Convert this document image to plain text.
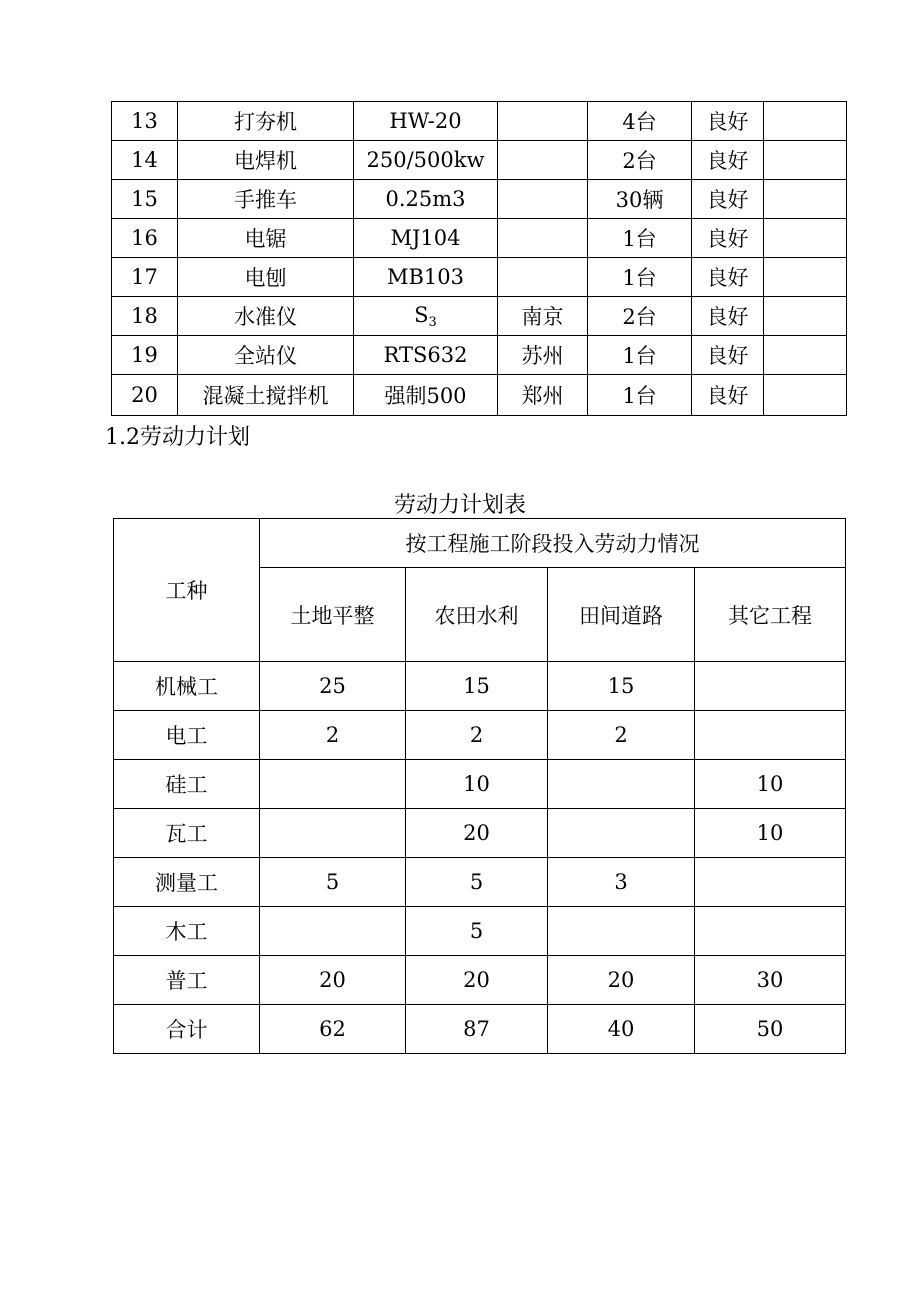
13	打夯机	HW-20		4台	良好	
14	电焊机	250/500kw		2台	良好	
15	手推车	0.25m3		30辆	良好	
16	电锯	MJ104		1台	良好	
17	电刨	MB103		1台	良好	
18	水准仪	$S_3$	南京	2台	良好	
19	全站仪	RTS632	苏州	1台	良好	
20	混凝土搅拌机	强制500	郑州	1台	良好	
1.2劳动力计划
劳动力计划表
工种	按工程施工阶段投入劳动力情况			
	土地平整	农田水利	田间道路	其它工程
机械工	25	15	15	
电工	2	2	2	
硅工		10		10
瓦工		20		10
测量工	5	5	3	
木工		5		
普工	20	20	20	30
合计	62	87	40	50
